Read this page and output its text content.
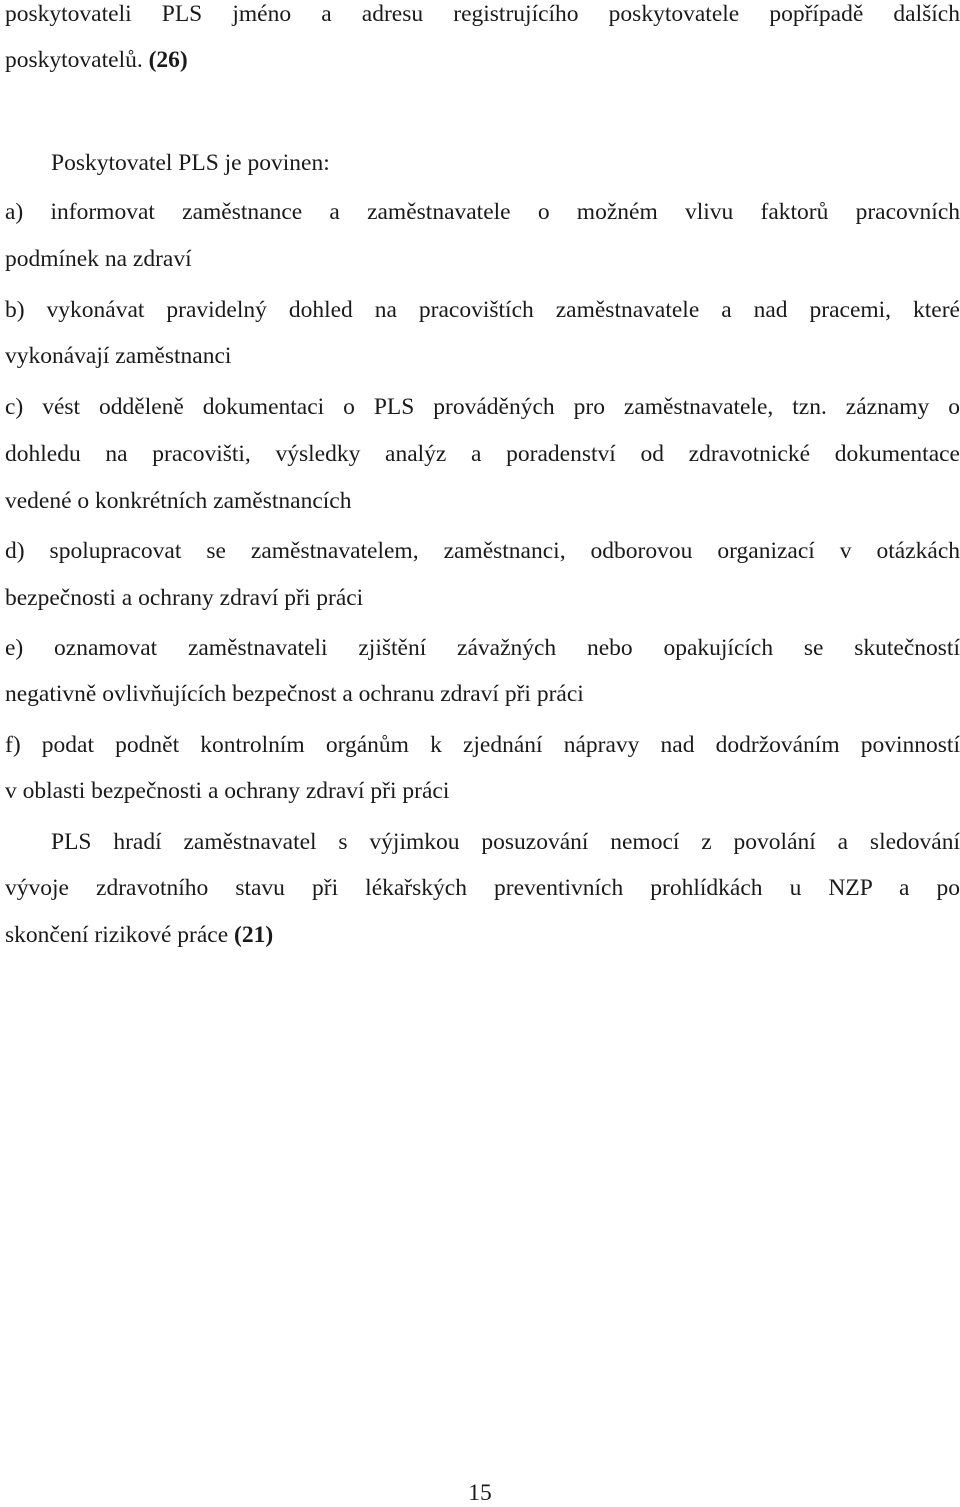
poskytovateli PLS jméno a adresu registrujícího poskytovatele popřípadě dalších
poskytovatelů. (26)
Poskytovatel PLS je povinen:
a) informovat zaměstnance a zaměstnavatele o možném vlivu faktorů pracovních
podmínek na zdraví
b) vykonávat pravidelný dohled na pracovištích zaměstnavatele a nad pracemi, které
vykonávají zaměstnanci
c) vést odděleně dokumentaci o PLS prováděných pro zaměstnavatele, tzn. záznamy o
dohledu na pracovišti, výsledky analýz a poradenství od zdravotnické dokumentace
vedené o konkrétních zaměstnancích
d) spolupracovat se zaměstnavatelem, zaměstnanci, odborovou organizací v otázkách
bezpečnosti a ochrany zdraví při práci
e) oznamovat zaměstnavateli zjištění závažných nebo opakujících se skutečností
negativně ovlivňujících bezpečnost a ochranu zdraví při práci
f) podat podnět kontrolním orgánům k zjednání nápravy nad dodržováním povinností
v oblasti bezpečnosti a ochrany zdraví při práci
PLS hradí zaměstnavatel s výjimkou posuzování nemocí z povolání a sledování
vývoje zdravotního stavu při lékařských preventivních prohlídkách u NZP a po
skončení rizikové práce (21)
15
